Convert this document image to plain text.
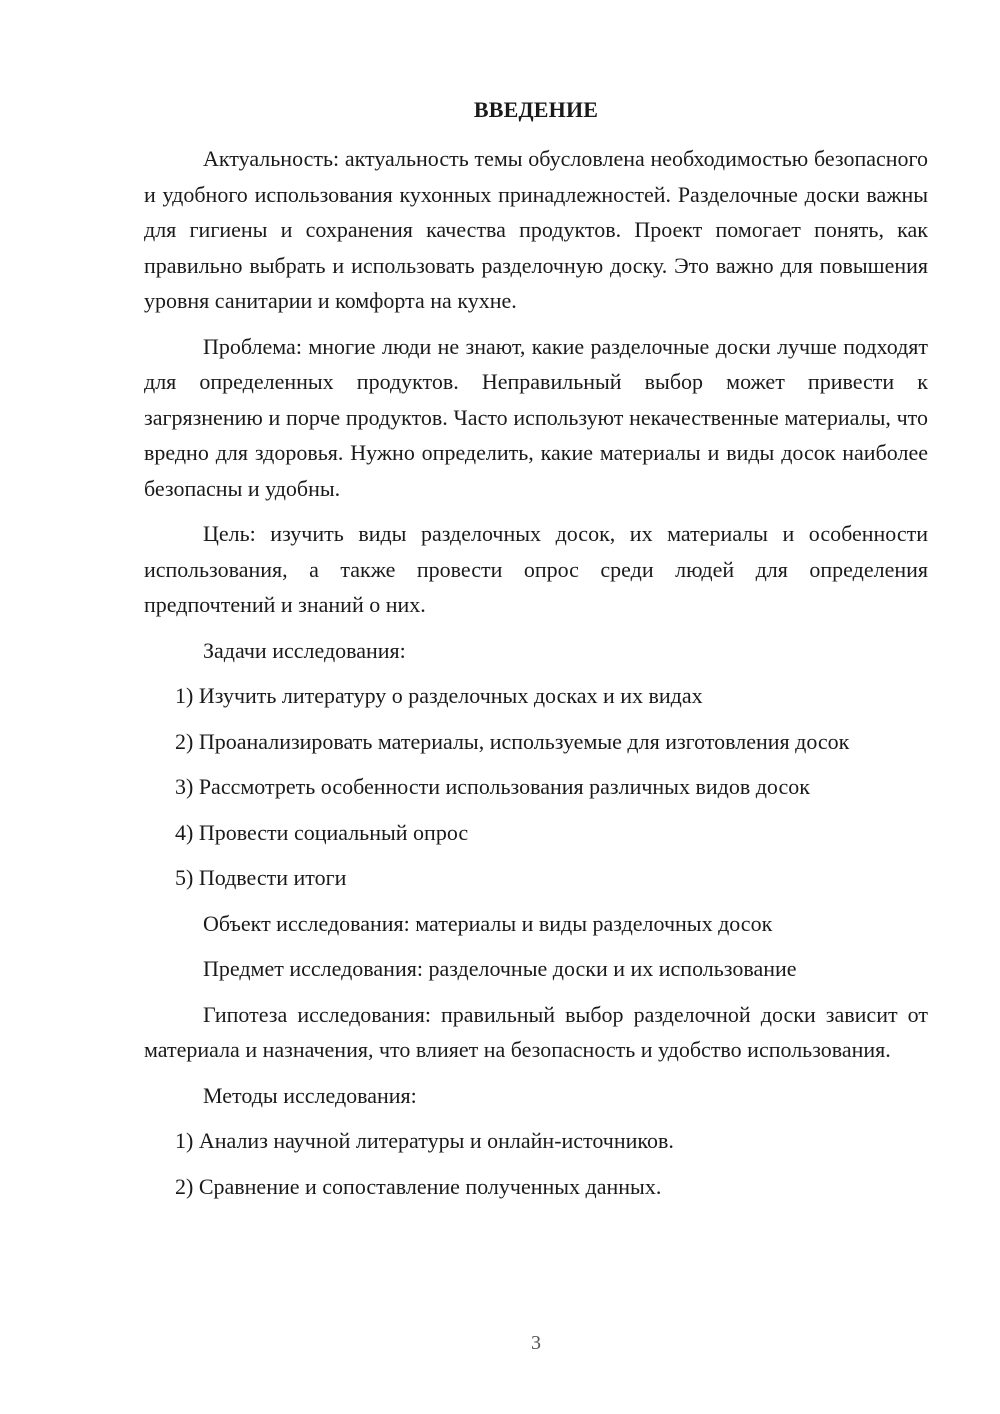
ВВЕДЕНИЕ

Актуальность: актуальность темы обусловлена необходимостью безопасного и удобного использования кухонных принадлежностей. Разделочные доски важны для гигиены и сохранения качества продуктов. Проект помогает понять, как правильно выбрать и использовать разделочную доску. Это важно для повышения уровня санитарии и комфорта на кухне.

Проблема: многие люди не знают, какие разделочные доски лучше подходят для определенных продуктов. Неправильный выбор может привести к загрязнению и порче продуктов. Часто используют некачественные материалы, что вредно для здоровья. Нужно определить, какие материалы и виды досок наиболее безопасны и удобны.

Цель: изучить виды разделочных досок, их материалы и особенности использования, а также провести опрос среди людей для определения предпочтений и знаний о них.

Задачи исследования:

1) Изучить литературу о разделочных досках и их видах

2) Проанализировать материалы, используемые для изготовления досок

3) Рассмотреть особенности использования различных видов досок

4) Провести социальный опрос

5) Подвести итоги

Объект исследования: материалы и виды разделочных досок

Предмет исследования: разделочные доски и их использование

Гипотеза исследования: правильный выбор разделочной доски зависит от материала и назначения, что влияет на безопасность и удобство использования.

Методы исследования:

1) Анализ научной литературы и онлайн-источников.

2) Сравнение и сопоставление полученных данных.

3
